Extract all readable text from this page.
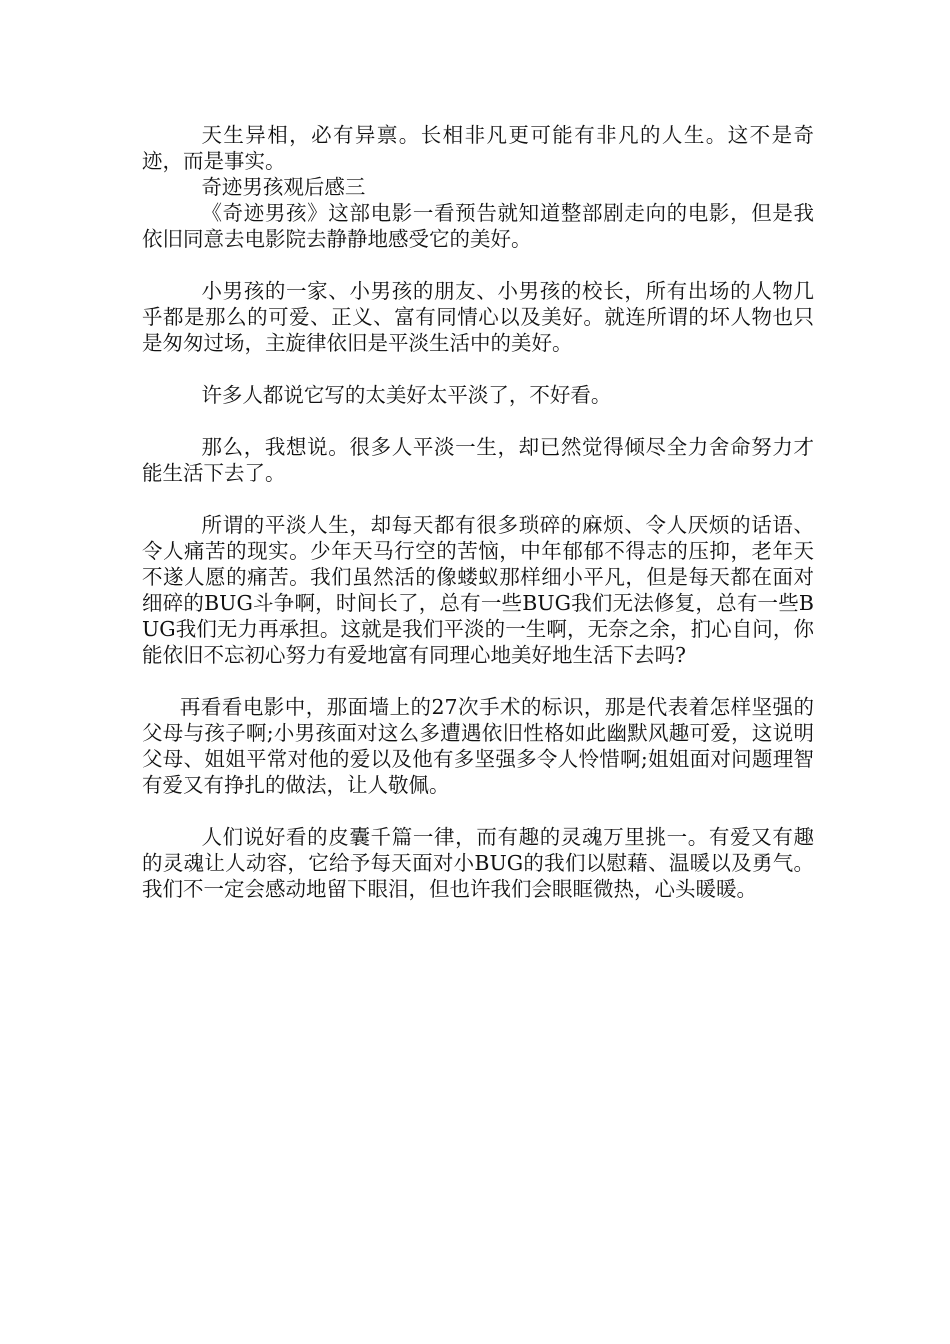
天生异相，必有异禀。长相非凡更可能有非凡的人生。这不是奇迹，而是事实。

奇迹男孩观后感三

《奇迹男孩》这部电影一看预告就知道整部剧走向的电影，但是我依旧同意去电影院去静静地感受它的美好。

小男孩的一家、小男孩的朋友、小男孩的校长，所有出场的人物几乎都是那么的可爱、正义、富有同情心以及美好。就连所谓的坏人物也只是匆匆过场，主旋律依旧是平淡生活中的美好。

许多人都说它写的太美好太平淡了，不好看。

那么，我想说。很多人平淡一生，却已然觉得倾尽全力舍命努力才能生活下去了。

所谓的平淡人生，却每天都有很多琐碎的麻烦、令人厌烦的话语、令人痛苦的现实。少年天马行空的苦恼，中年郁郁不得志的压抑，老年天不遂人愿的痛苦。我们虽然活的像蝼蚁那样细小平凡，但是每天都在面对细碎的BUG斗争啊，时间长了，总有一些BUG我们无法修复，总有一些BUG我们无力再承担。这就是我们平淡的一生啊，无奈之余，扪心自问，你能依旧不忘初心努力有爱地富有同理心地美好地生活下去吗?

再看看电影中，那面墙上的27次手术的标识，那是代表着怎样坚强的父母与孩子啊;小男孩面对这么多遭遇依旧性格如此幽默风趣可爱，这说明父母、姐姐平常对他的爱以及他有多坚强多令人怜惜啊;姐姐面对问题理智有爱又有挣扎的做法，让人敬佩。

人们说好看的皮囊千篇一律，而有趣的灵魂万里挑一。有爱又有趣的灵魂让人动容，它给予每天面对小BUG的我们以慰藉、温暖以及勇气。我们不一定会感动地留下眼泪，但也许我们会眼眶微热，心头暖暖。
